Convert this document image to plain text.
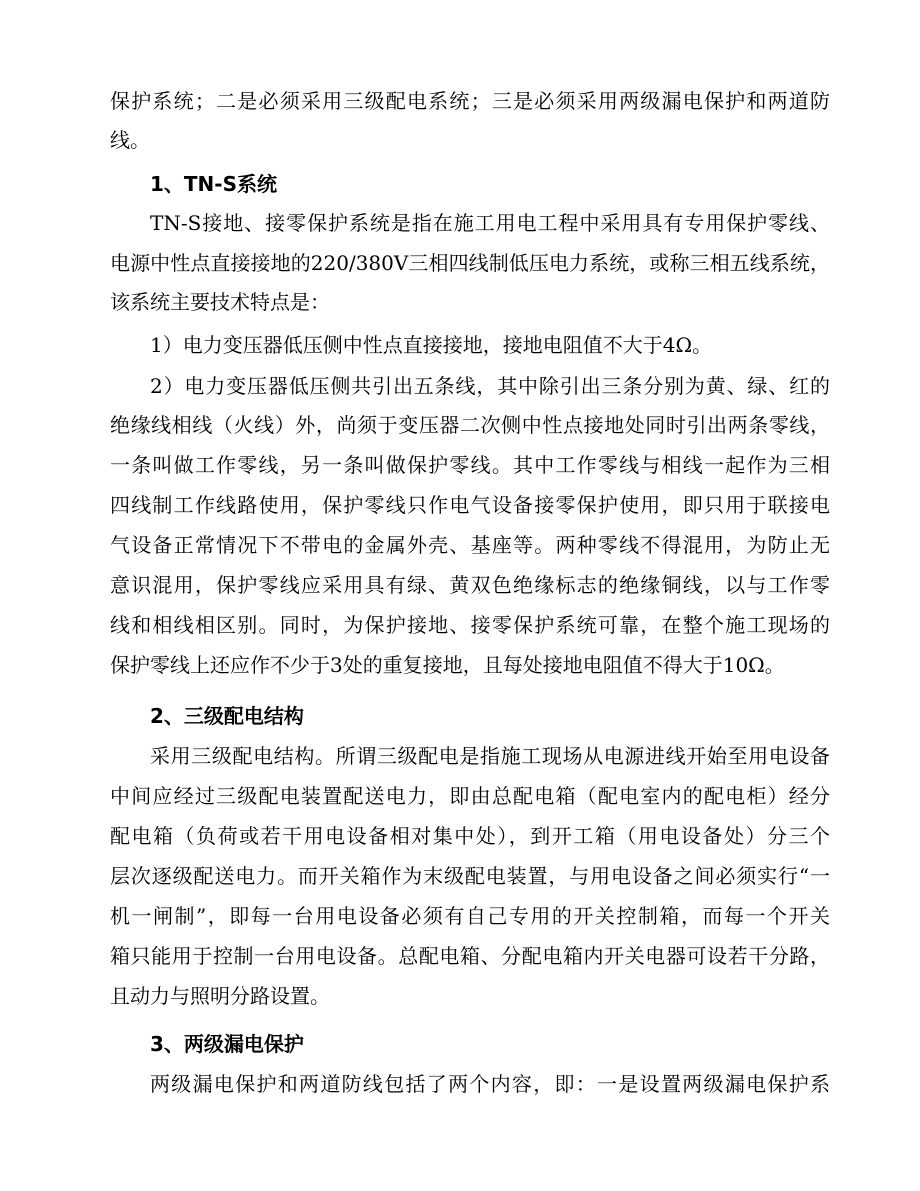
保护系统；二是必须采用三级配电系统；三是必须采用两级漏电保护和两道防
线。
1、TN-S系统
TN-S接地、接零保护系统是指在施工用电工程中采用具有专用保护零线、
电源中性点直接接地的220/380V三相四线制低压电力系统，或称三相五线系统，
该系统主要技术特点是：
1）电力变压器低压侧中性点直接接地，接地电阻值不大于4Ω。
2）电力变压器低压侧共引出五条线，其中除引出三条分别为黄、绿、红的
绝缘线相线（火线）外，尚须于变压器二次侧中性点接地处同时引出两条零线，
一条叫做工作零线，另一条叫做保护零线。其中工作零线与相线一起作为三相
四线制工作线路使用，保护零线只作电气设备接零保护使用，即只用于联接电
气设备正常情况下不带电的金属外壳、基座等。两种零线不得混用，为防止无
意识混用，保护零线应采用具有绿、黄双色绝缘标志的绝缘铜线，以与工作零
线和相线相区别。同时，为保护接地、接零保护系统可靠，在整个施工现场的
保护零线上还应作不少于3处的重复接地，且每处接地电阻值不得大于10Ω。
2、三级配电结构
采用三级配电结构。所谓三级配电是指施工现场从电源进线开始至用电设备
中间应经过三级配电装置配送电力，即由总配电箱（配电室内的配电柜）经分
配电箱（负荷或若干用电设备相对集中处），到开工箱（用电设备处）分三个
层次逐级配送电力。而开关箱作为末级配电装置，与用电设备之间必须实行“一
机一闸制”，即每一台用电设备必须有自己专用的开关控制箱，而每一个开关
箱只能用于控制一台用电设备。总配电箱、分配电箱内开关电器可设若干分路，
且动力与照明分路设置。
3、两级漏电保护
两级漏电保护和两道防线包括了两个内容，即：一是设置两级漏电保护系
